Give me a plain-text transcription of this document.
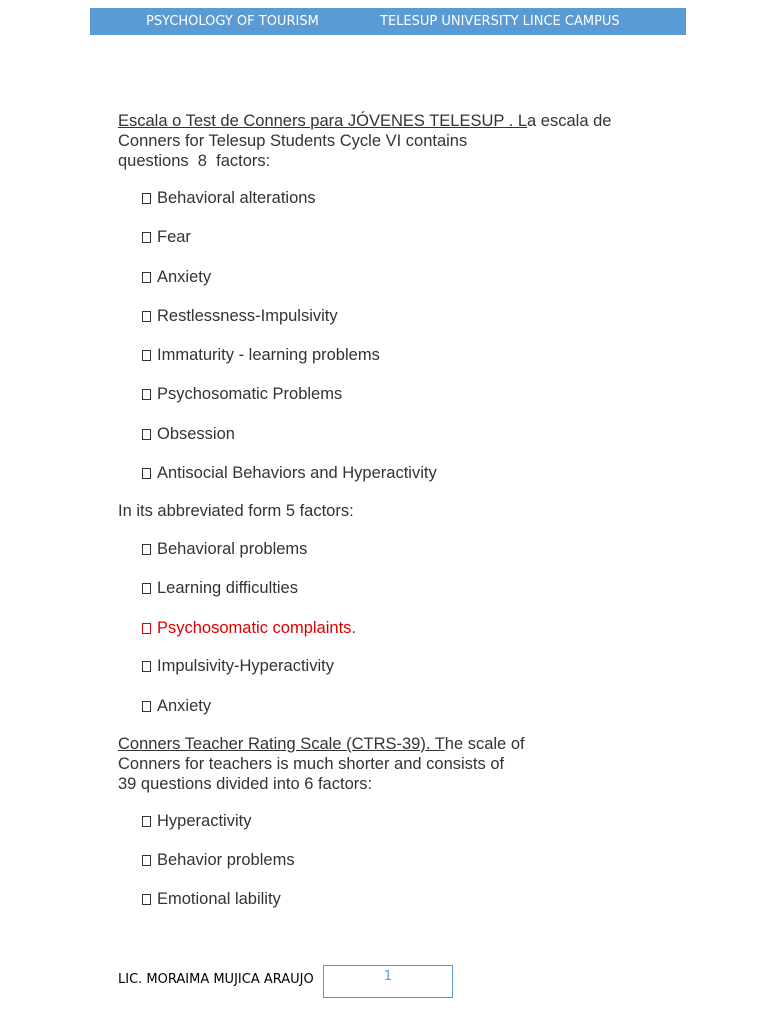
PSYCHOLOGY OF TOURISM	TELESUP UNIVERSITY LINCE CAMPUS
Escala o Test de Conners para JÓVENES TELESUP . La escala de
Conners for Telesup Students Cycle VI contains
questions  8  factors:
Behavioral alterations
Fear
Anxiety
Restlessness-Impulsivity
Immaturity - learning problems
Psychosomatic Problems
Obsession
Antisocial Behaviors and Hyperactivity
In its abbreviated form 5 factors:
Behavioral problems
Learning difficulties
Psychosomatic complaints.
Impulsivity-Hyperactivity
Anxiety
Conners Teacher Rating Scale (CTRS-39). The scale of
Conners for teachers is much shorter and consists of
39 questions divided into 6 factors:
Hyperactivity
Behavior problems
Emotional lability
LIC. MORAIMA MUJICA ARAUJO	1
